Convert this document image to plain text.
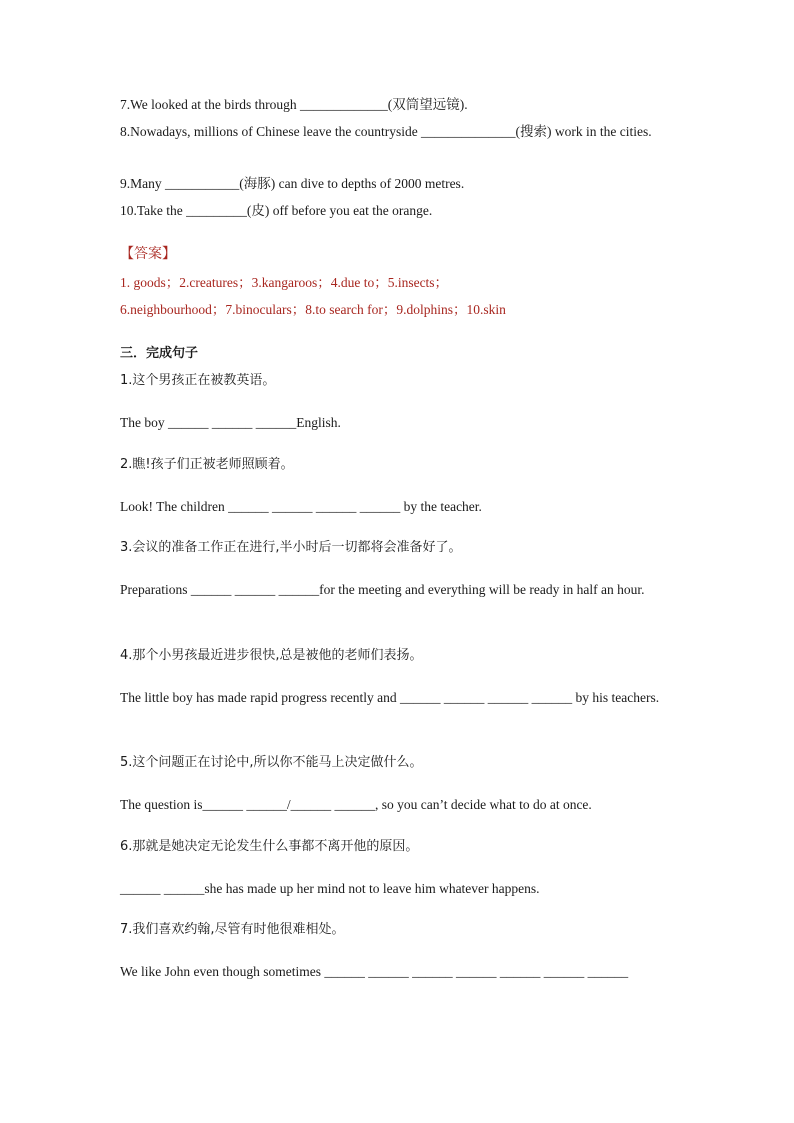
7.We looked at the birds through _____________(双筒望远镜).
8.Nowadays, millions of Chinese leave the countryside ______________(搜索) work in the cities.
9.Many ___________(海豚) can dive to depths of 2000 metres.
10.Take the _________(皮) off before you eat the orange.
【答案】
1. goods；2.creatures；3.kangaroos；4.due to；5.insects；
6.neighbourhood；7.binoculars；8.to search for；9.dolphins；10.skin
三．完成句子
1.这个男孩正在被教英语。
The boy ______ ______ ______English.
2.瞧!孩子们正被老师照顾着。
Look! The children ______ ______ ______ ______ by the teacher.
3.会议的准备工作正在进行,半小时后一切都将会准备好了。
Preparations ______ ______ ______for the meeting and everything will be ready in half an hour.
4.那个小男孩最近进步很快,总是被他的老师们表扬。
The little boy has made rapid progress recently and ______ ______ ______ ______ by his teachers.
5.这个问题正在讨论中,所以你不能马上决定做什么。
The question is______ ______/______ ______, so you can’t decide what to do at once.
6.那就是她决定无论发生什么事都不离开他的原因。
______ ______she has made up her mind not to leave him whatever happens.
7.我们喜欢约翰,尽管有时他很难相处。
We like John even though sometimes ______ ______ ______ ______ ______ ______ ______
